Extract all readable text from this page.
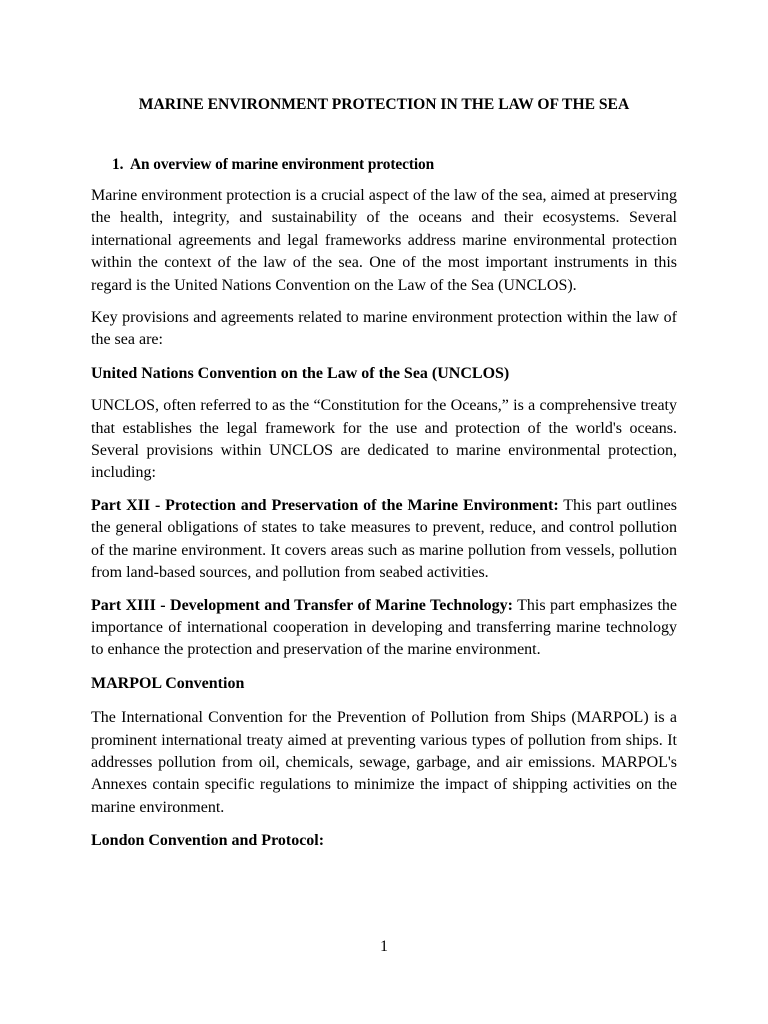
MARINE ENVIRONMENT PROTECTION IN THE LAW OF THE SEA
1. An overview of marine environment protection

Marine environment protection is a crucial aspect of the law of the sea, aimed at preserving the health, integrity, and sustainability of the oceans and their ecosystems. Several international agreements and legal frameworks address marine environmental protection within the context of the law of the sea. One of the most important instruments in this regard is the United Nations Convention on the Law of the Sea (UNCLOS).

Key provisions and agreements related to marine environment protection within the law of the sea are:

United Nations Convention on the Law of the Sea (UNCLOS)

UNCLOS, often referred to as the “Constitution for the Oceans,” is a comprehensive treaty that establishes the legal framework for the use and protection of the world's oceans. Several provisions within UNCLOS are dedicated to marine environmental protection, including:

Part XII - Protection and Preservation of the Marine Environment: This part outlines the general obligations of states to take measures to prevent, reduce, and control pollution of the marine environment. It covers areas such as marine pollution from vessels, pollution from land-based sources, and pollution from seabed activities.

Part XIII - Development and Transfer of Marine Technology: This part emphasizes the importance of international cooperation in developing and transferring marine technology to enhance the protection and preservation of the marine environment.

MARPOL Convention

The International Convention for the Prevention of Pollution from Ships (MARPOL) is a prominent international treaty aimed at preventing various types of pollution from ships. It addresses pollution from oil, chemicals, sewage, garbage, and air emissions. MARPOL's Annexes contain specific regulations to minimize the impact of shipping activities on the marine environment.

London Convention and Protocol:
1
